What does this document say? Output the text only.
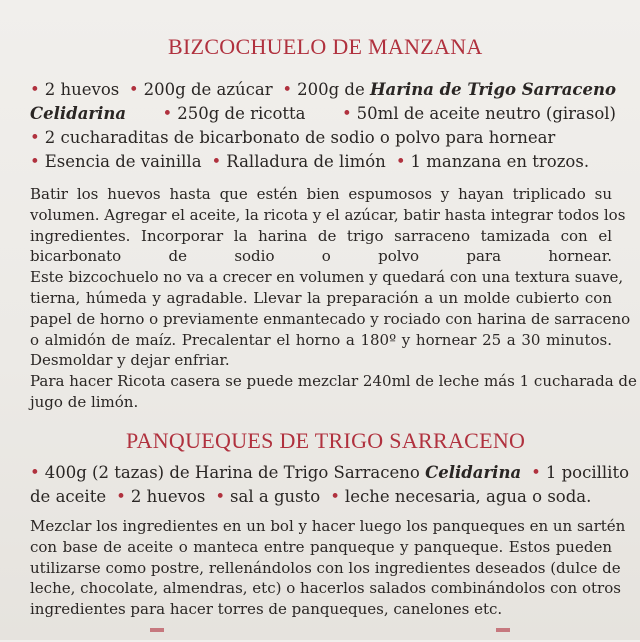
BIZCOCHUELO DE MANZANA
• 2 huevos • 200g de azúcar • 200g de Harina de Trigo Sarraceno
Celidarina • 250g de ricotta • 50ml de aceite neutro (girasol)
• 2 cucharaditas de bicarbonato de sodio o polvo para hornear
• Esencia de vainilla • Ralladura de limón • 1 manzana en trozos.
Batir los huevos hasta que estén bien espumosos y hayan triplicado su
volumen. Agregar el aceite, la ricota y el azúcar, batir hasta integrar todos los
ingredientes. Incorporar la harina de trigo sarraceno tamizada con el
bicarbonato de sodio o polvo para hornear.
Este bizcochuelo no va a crecer en volumen y quedará con una textura suave,
tierna, húmeda y agradable. Llevar la preparación a un molde cubierto con
papel de horno o previamente enmantecado y rociado con harina de sarraceno
o almidón de maíz. Precalentar el horno a 180º y hornear 25 a 30 minutos.
Desmoldar y dejar enfriar.
Para hacer Ricota casera se puede mezclar 240ml de leche más 1 cucharada de
jugo de limón.
PANQUEQUES DE TRIGO SARRACENO
• 400g (2 tazas) de Harina de Trigo Sarraceno Celidarina • 1 pocillito
de aceite • 2 huevos • sal a gusto • leche necesaria, agua o soda.
Mezclar los ingredientes en un bol y hacer luego los panqueques en un sartén
con base de aceite o manteca entre panqueque y panqueque. Estos pueden
utilizarse como postre, rellenándolos con los ingredientes deseados (dulce de
leche, chocolate, almendras, etc) o hacerlos salados combinándolos con otros
ingredientes para hacer torres de panqueques, canelones etc.
